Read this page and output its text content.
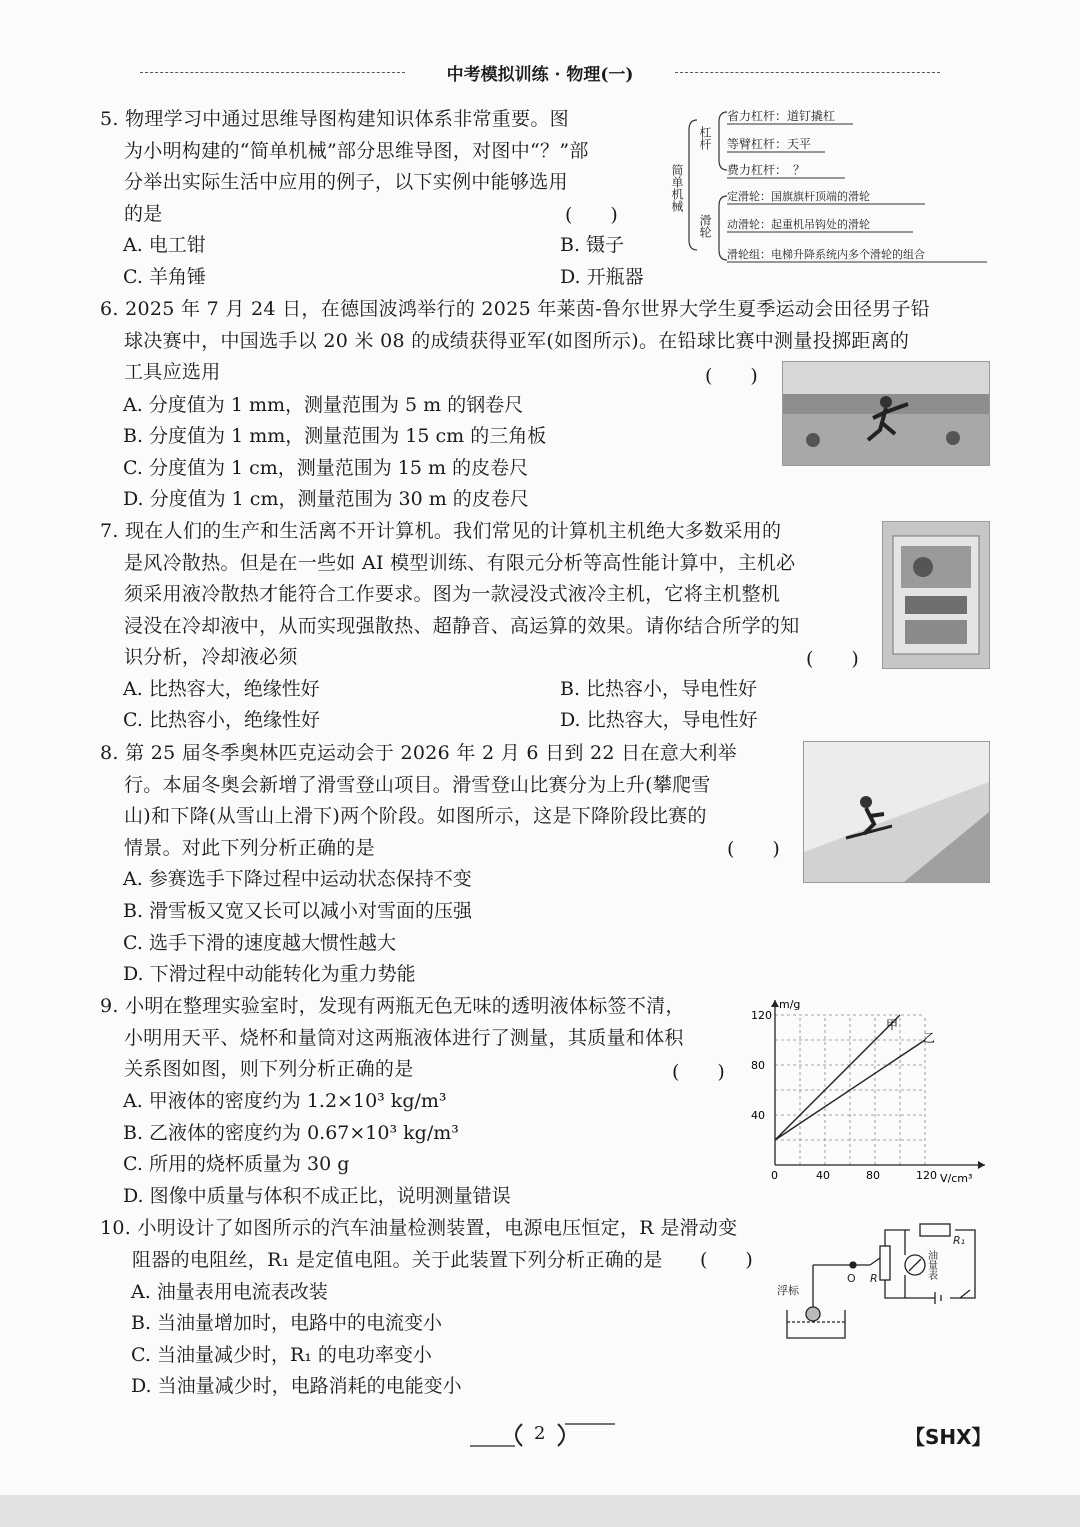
中考模拟训练 · 物理(一)

5. 物理学习中通过思维导图构建知识体系非常重要。图

为小明构建的“简单机械”部分思维导图，对图中“？”部

分举出实际生活中应用的例子，以下实例中能够选用

的是	(　　)
A. 电工钳	B. 镊子
C. 羊角锤	D. 开瓶器
简单机械
杠杆
滑轮
省力杠杆：道钉撬杠
等臂杠杆：天平
费力杠杆：　？
定滑轮：国旗旗杆顶端的滑轮
动滑轮：起重机吊钩处的滑轮
滑轮组：电梯升降系统内多个滑轮的组合

6. 2025 年 7 月 24 日，在德国波鸿举行的 2025 年莱茵-鲁尔世界大学生夏季运动会田径男子铅

球决赛中，中国选手以 20 米 08 的成绩获得亚军(如图所示)。在铅球比赛中测量投掷距离的

工具应选用	(　　)
A. 分度值为 1 mm，测量范围为 5 m 的钢卷尺
B. 分度值为 1 mm，测量范围为 15 cm 的三角板
C. 分度值为 1 cm，测量范围为 15 m 的皮卷尺
D. 分度值为 1 cm，测量范围为 30 m 的皮卷尺

7. 现在人们的生产和生活离不开计算机。我们常见的计算机主机绝大多数采用的

是风冷散热。但是在一些如 AI 模型训练、有限元分析等高性能计算中，主机必

须采用液冷散热才能符合工作要求。图为一款浸没式液冷主机，它将主机整机

浸没在冷却液中，从而实现强散热、超静音、高运算的效果。请你结合所学的知

识分析，冷却液必须	(　　)
A. 比热容大，绝缘性好	B. 比热容小，导电性好
C. 比热容小，绝缘性好	D. 比热容大，导电性好

8. 第 25 届冬季奥林匹克运动会于 2026 年 2 月 6 日到 22 日在意大利举

行。本届冬奥会新增了滑雪登山项目。滑雪登山比赛分为上升(攀爬雪

山)和下降(从雪山上滑下)两个阶段。如图所示，这是下降阶段比赛的

情景。对此下列分析正确的是	(　　)
A. 参赛选手下降过程中运动状态保持不变
B. 滑雪板又宽又长可以减小对雪面的压强
C. 选手下滑的速度越大惯性越大
D. 下滑过程中动能转化为重力势能

9. 小明在整理实验室时，发现有两瓶无色无味的透明液体标签不清，

小明用天平、烧杯和量筒对这两瓶液体进行了测量，其质量和体积

关系图如图，则下列分析正确的是	(　　)
A. 甲液体的密度约为 1.2×10³ kg/m³
B. 乙液体的密度约为 0.67×10³ kg/m³
C. 所用的烧杯质量为 30 g
D. 图像中质量与体积不成正比，说明测量错误
m/g
V/cm³
0	40	80	120
40
80
120
甲
乙

10. 小明设计了如图所示的汽车油量检测装置，电源电压恒定，R 是滑动变

阻器的电阻丝，R₁ 是定值电阻。关于此装置下列分析正确的是	(　　)
A. 油量表用电流表改装
B. 当油量增加时，电路中的电流变小
C. 当油量减少时，R₁ 的电功率变小
D. 当油量减少时，电路消耗的电能变小
浮标
O R
R₁
油量表
2	【SHX】
